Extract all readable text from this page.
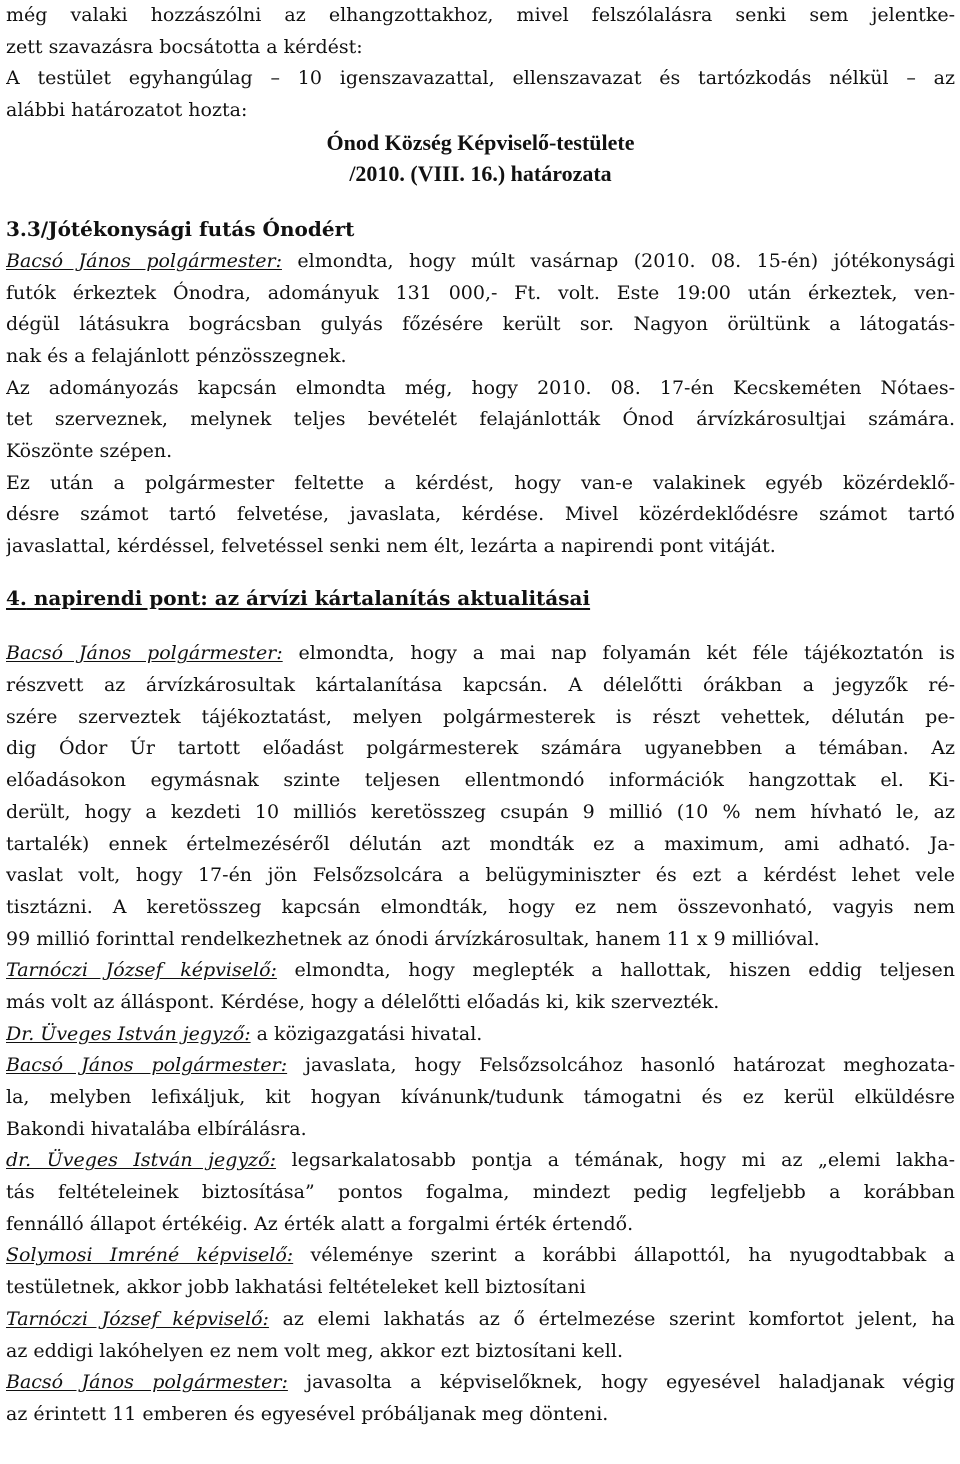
még valaki hozzászólni az elhangzottakhoz, mivel felszólalásra senki sem jelentke-
zett szavazásra bocsátotta a kérdést:
A testület egyhangúlag – 10 igenszavazattal, ellenszavazat és tartózkodás nélkül – az
alábbi határozatot hozta:
Ónod Község Képviselő-testülete
/2010. (VIII. 16.) határozata
3.3/Jótékonysági futás Ónodért
Bacsó János polgármester: elmondta, hogy múlt vasárnap (2010. 08. 15-én) jótékonysági
futók érkeztek Ónodra, adományuk 131 000,- Ft. volt. Este 19:00 után érkeztek, ven-
dégül látásukra bográcsban gulyás főzésére került sor. Nagyon örültünk a látogatás-
nak és a felajánlott pénzösszegnek.
Az adományozás kapcsán elmondta még, hogy 2010. 08. 17-én Kecskeméten Nótaes-
tet szerveznek, melynek teljes bevételét felajánlották Ónod árvízkárosultjai számára.
Köszönte szépen.
Ez után a polgármester feltette a kérdést, hogy van-e valakinek egyéb közérdeklő-
désre számot tartó felvetése, javaslata, kérdése. Mivel közérdeklődésre számot tartó
javaslattal, kérdéssel, felvetéssel senki nem élt, lezárta a napirendi pont vitáját.
4. napirendi pont: az árvízi kártalanítás aktualitásai
Bacsó János polgármester: elmondta, hogy a mai nap folyamán két féle tájékoztatón is
részvett az árvízkárosultak kártalanítása kapcsán. A délelőtti órákban a jegyzők ré-
szére szerveztek tájékoztatást, melyen polgármesterek is részt vehettek, délután pe-
dig Ódor Úr tartott előadást polgármesterek számára ugyanebben a témában. Az
előadásokon egymásnak szinte teljesen ellentmondó információk hangzottak el. Ki-
derült, hogy a kezdeti 10 milliós keretösszeg csupán 9 millió (10 % nem hívható le, az
tartalék) ennek értelmezéséről délután azt mondták ez a maximum, ami adható. Ja-
vaslat volt, hogy 17-én jön Felsőzsolcára a belügyminiszter és ezt a kérdést lehet vele
tisztázni. A keretösszeg kapcsán elmondták, hogy ez nem összevonható, vagyis nem
99 millió forinttal rendelkezhetnek az ónodi árvízkárosultak, hanem 11 x 9 millióval.
Tarnóczi József képviselő: elmondta, hogy meglepték a hallottak, hiszen eddig teljesen
más volt az álláspont. Kérdése, hogy a délelőtti előadás ki, kik szervezték.
Dr. Üveges István jegyző: a közigazgatási hivatal.
Bacsó János polgármester: javaslata, hogy Felsőzsolcához hasonló határozat meghozata-
la, melyben lefixáljuk, kit hogyan kívánunk/tudunk támogatni és ez kerül elküldésre
Bakondi hivatalába elbírálásra.
dr. Üveges István jegyző: legsarkalatosabb pontja a témának, hogy mi az „elemi lakha-
tás feltételeinek biztosítása” pontos fogalma, mindezt pedig legfeljebb a korábban
fennálló állapot értékéig. Az érték alatt a forgalmi érték értendő.
Solymosi Imréné képviselő: véleménye szerint a korábbi állapottól, ha nyugodtabbak a
testületnek, akkor jobb lakhatási feltételeket kell biztosítani
Tarnóczi József képviselő: az elemi lakhatás az ő értelmezése szerint komfortot jelent, ha
az eddigi lakóhelyen ez nem volt meg, akkor ezt biztosítani kell.
Bacsó János polgármester: javasolta a képviselőknek, hogy egyesével haladjanak végig
az érintett 11 emberen és egyesével próbáljanak meg dönteni.
